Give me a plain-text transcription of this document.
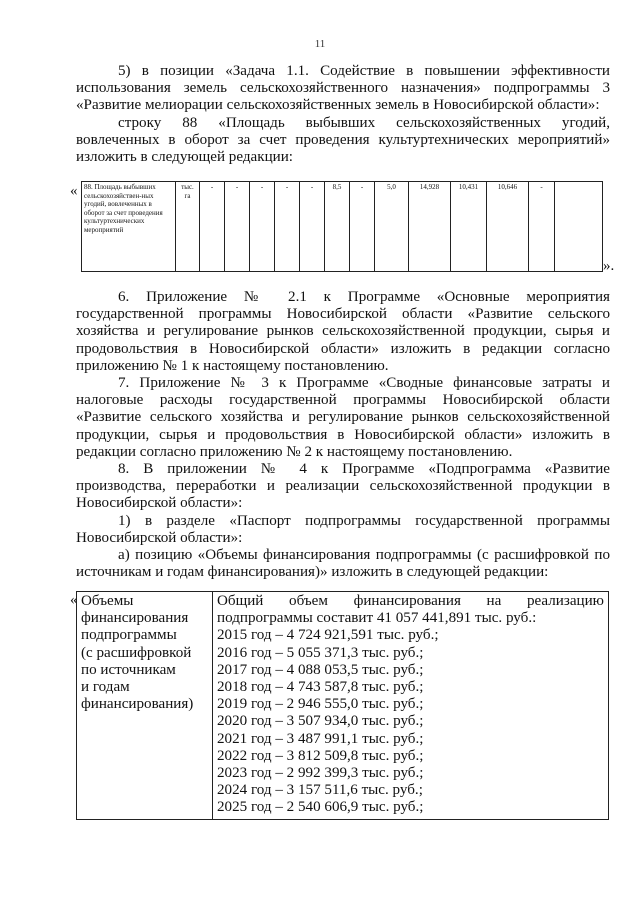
11

5) в позиции «Задача 1.1. Содействие в повышении эффективности использования земель сельскохозяйственного назначения» подпрограммы 3 «Развитие мелиорации сельскохозяйственных земель в Новосибирской области»:

строку 88 «Площадь выбывших сельскохозяйственных угодий, вовлеченных в оборот за счет проведения культуртехнических мероприятий» изложить в следующей редакции:

« 88. Площадь выбывших сельскохозяйствен-ных угодий, вовлеченных в оборот за счет проведения культуртехнических мероприятий	тыс. га	-	-	-	-	-	8,5	-	5,0	14,928	10,431	10,646	-	
».

6. Приложение № 2.1 к Программе «Основные мероприятия государственной программы Новосибирской области «Развитие сельского хозяйства и регулирование рынков сельскохозяйственной продукции, сырья и продовольствия в Новосибирской области» изложить в редакции согласно приложению № 1 к настоящему постановлению.

7. Приложение № 3 к Программе «Сводные финансовые затраты и налоговые расходы государственной программы Новосибирской области «Развитие сельского хозяйства и регулирование рынков сельскохозяйственной продукции, сырья и продовольствия в Новосибирской области» изложить в редакции согласно приложению № 2 к настоящему постановлению.

8. В приложении № 4 к Программе «Подпрограмма «Развитие производства, переработки и реализации сельскохозяйственной продукции в Новосибирской области»:

1) в разделе «Паспорт подпрограммы государственной программы Новосибирской области»:

а) позицию «Объемы финансирования подпрограммы (с расшифровкой по источникам и годам финансирования)» изложить в следующей редакции:

« Объемы
финансирования
подпрограммы
(с расшифровкой
по источникам
и годам
финансирования)

Общий объем финансирования на реализацию
подпрограммы составит 41 057 441,891 тыс. руб.:
2015 год – 4 724 921,591 тыс. руб.;
2016 год – 5 055 371,3 тыс. руб.;
2017 год – 4 088 053,5 тыс. руб.;
2018 год – 4 743 587,8 тыс. руб.;
2019 год – 2 946 555,0 тыс. руб.;
2020 год – 3 507 934,0 тыс. руб.;
2021 год – 3 487 991,1 тыс. руб.;
2022 год – 3 812 509,8 тыс. руб.;
2023 год – 2 992 399,3 тыс. руб.;
2024 год – 3 157 511,6 тыс. руб.;
2025 год – 2 540 606,9 тыс. руб.;
